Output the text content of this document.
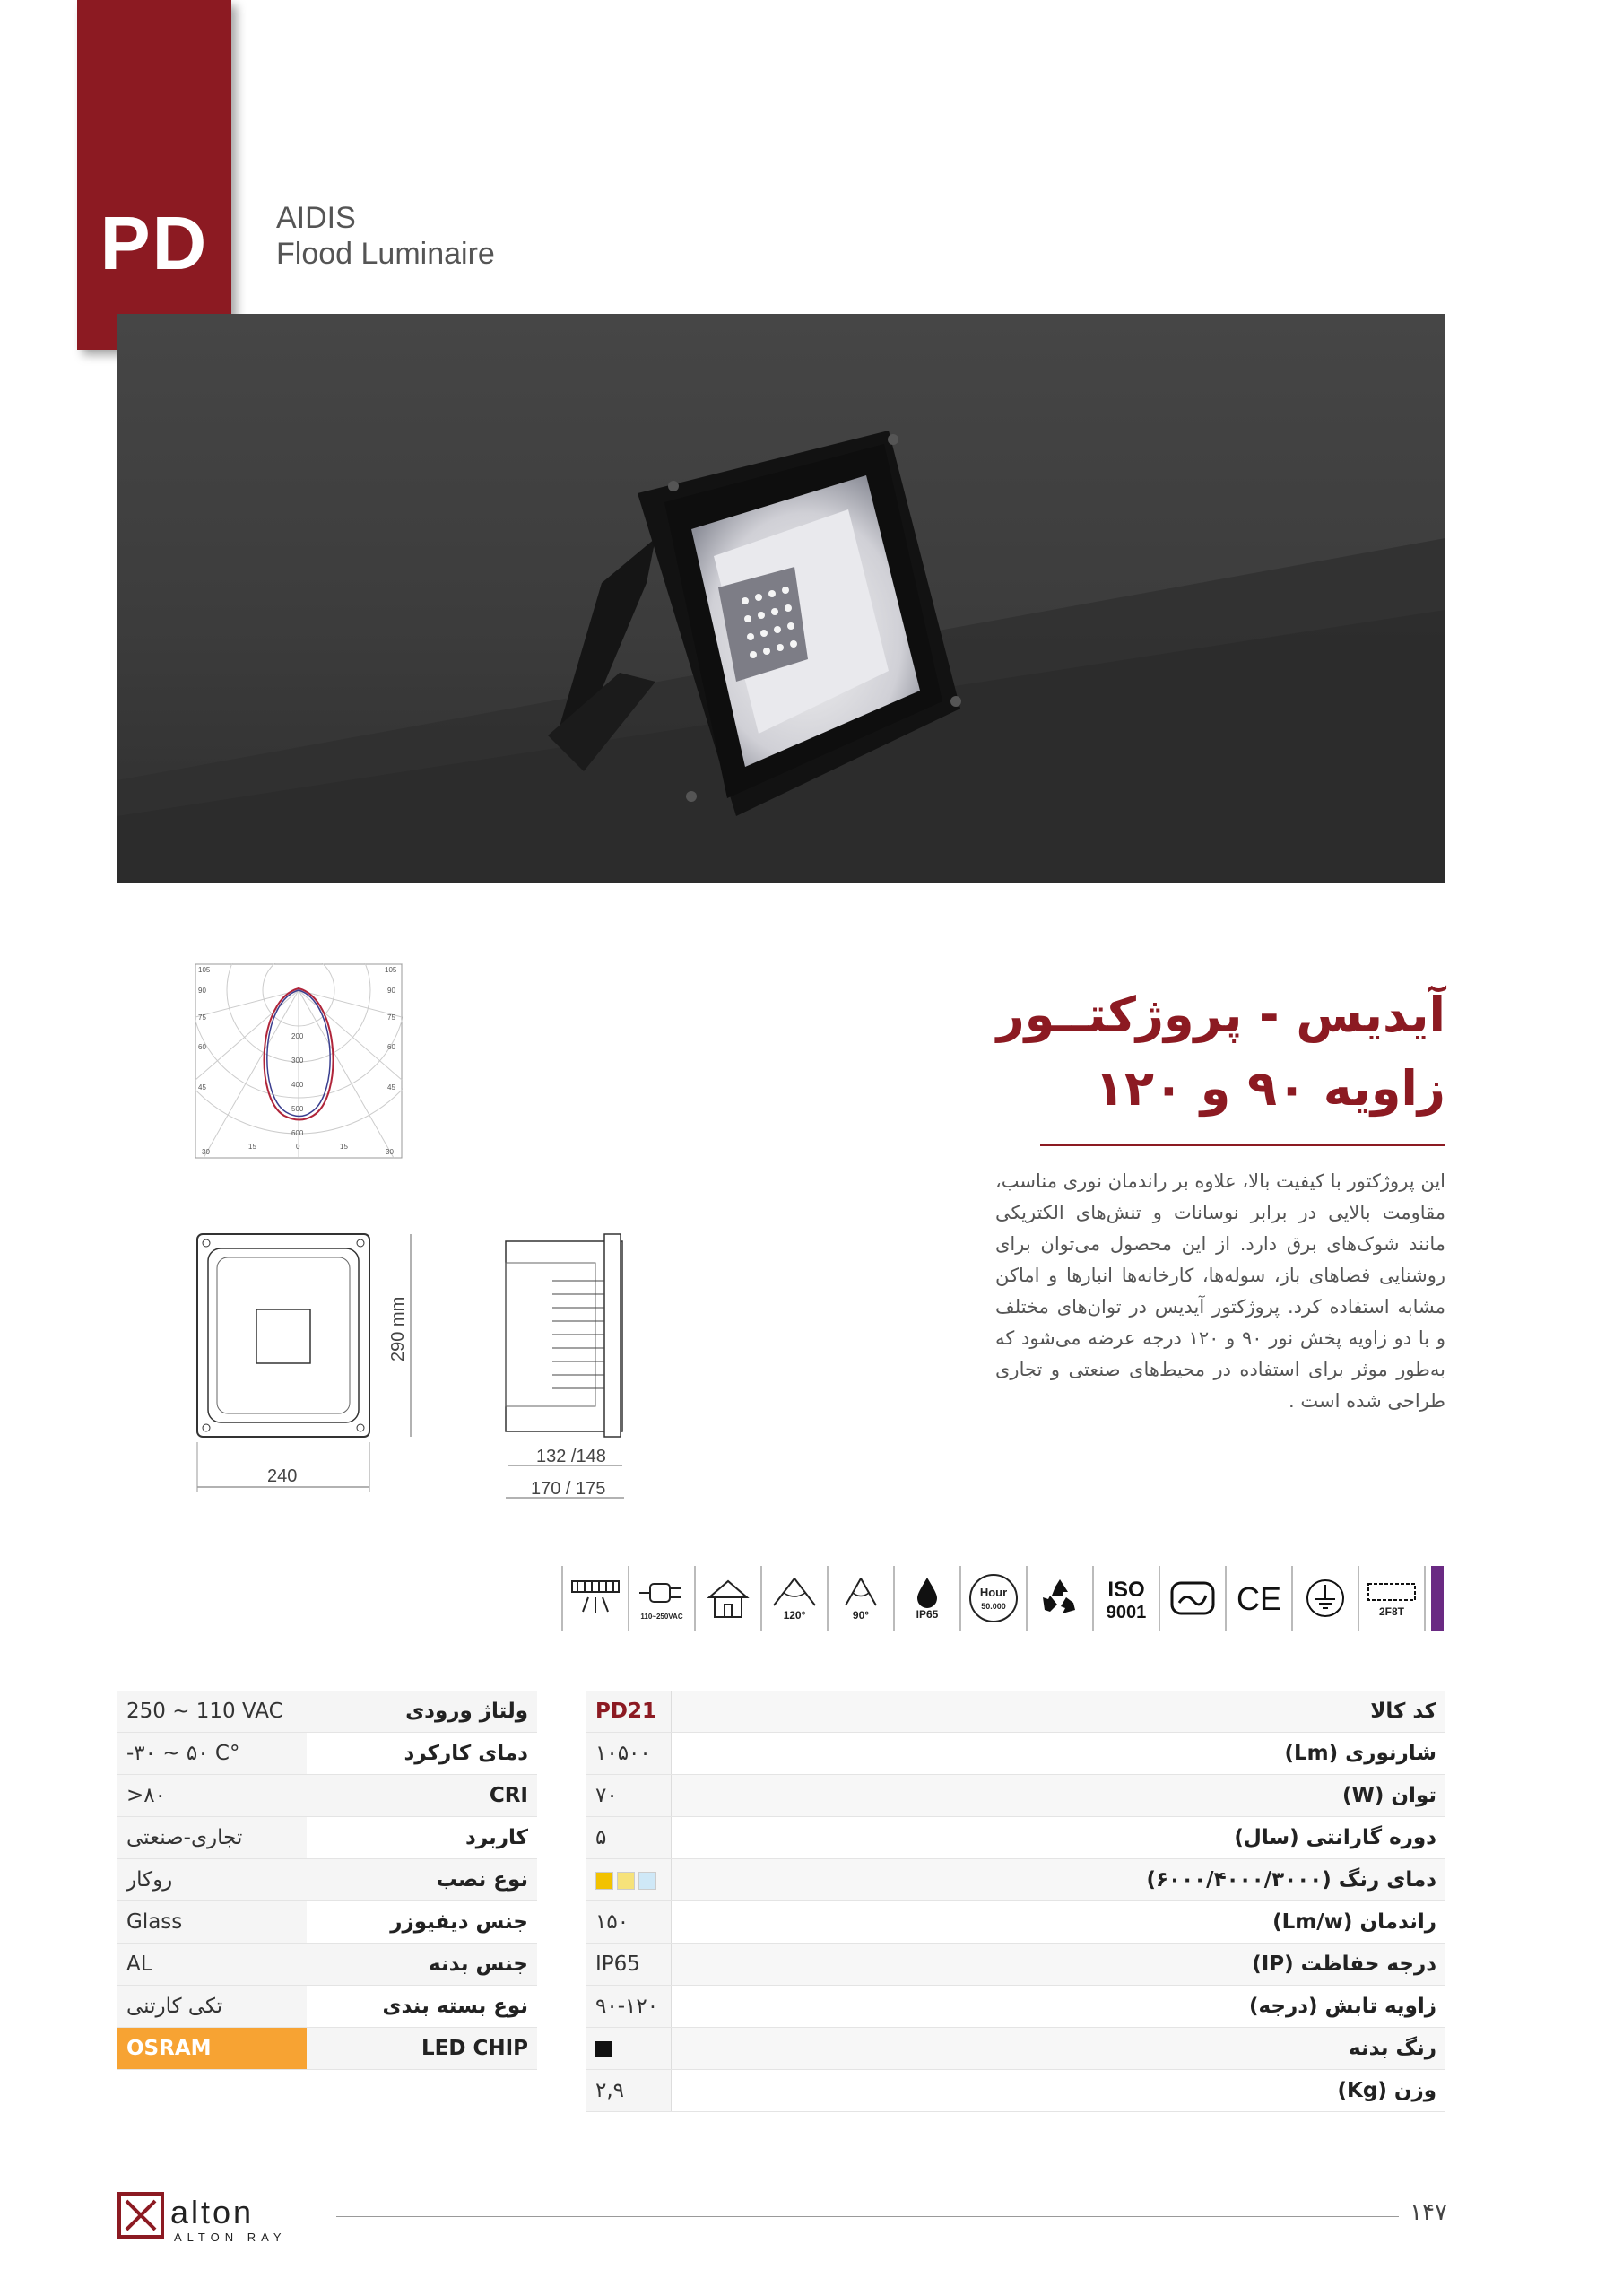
PD	AIDIS
Flood Luminaire
آیدیس - پروژکتــور
زاویه ۹۰ و ۱۲۰
این پروژکتور با کیفیت بالا، علاوه بر راندمان نوری مناسب، مقاومت بالایی در برابر نوسانات و تنش‌های الکتریکی مانند شوک‌های برق دارد. از این محصول می‌توان برای روشنایی فضاهای باز، سوله‌ها، کارخانه‌ها انبارها و اماکن مشابه استفاده کرد. پروژکتور آیدیس در توان‌های مختلف و با دو زاویه پخش نور ۹۰ و ۱۲۰ درجه عرضه می‌شود که به‌طور موثر برای استفاده در محیط‌های صنعتی و تجاری طراحی شده است .
105	105
90	90
75	75
60	60
45	45
30
15	0	15
30
200
300
400
500
600
240
290 mm
132 /148
170 / 175
110~250VAC	120°	90°	IP65
Hour
50.000
ISO
9001	CE	2F8T
250 ~ 110 VAC	ولتاژ ورودی
-۳۰ ~ ۵۰ C°	دمای کارکرد
>۸۰	CRI
تجاری-صنعتی	کاربرد
روکار	نوع نصب
Glass	جنس دیفیوزر
AL	جنس بدنه
تکی کارتنی	نوع بسته بندی
OSRAM	LED CHIP
PD21	کد کالا
۱۰۵۰۰	شارنوری (Lm)
۷۰	توان (W)
۵	دوره گارانتی (سال)
	دمای رنگ (۶۰۰۰/۴۰۰۰/۳۰۰۰)
۱۵۰	راندمان (Lm/w)
IP65	درجه حفاظت (IP)
۹۰-۱۲۰	زاویه تابش (درجه)
	رنگ بدنه
۲,۹	وزن (Kg)
alton
ALTON RAY
۱۴۷
